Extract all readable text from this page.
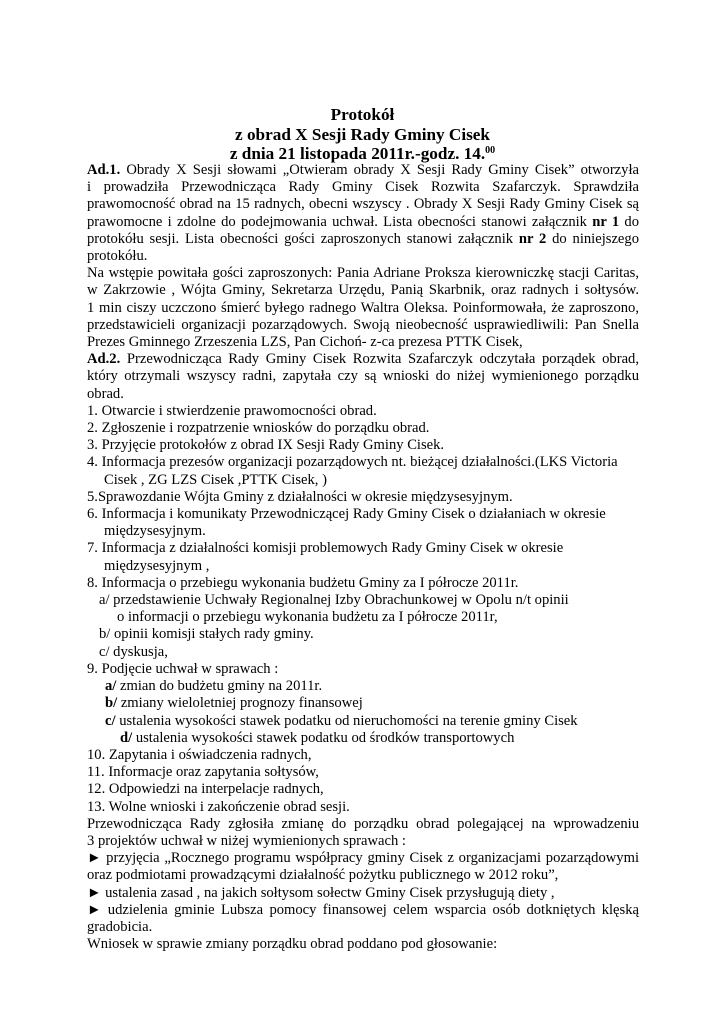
Protokół
z obrad X Sesji Rady Gminy Cisek
z dnia 21 listopada 2011r.-godz. 14.00

Ad.1. Obrady X Sesji słowami „Otwieram obrady X Sesji Rady Gminy Cisek” otworzyła

i prowadziła Przewodnicząca Rady Gminy Cisek Rozwita Szafarczyk. Sprawdziła

prawomocność obrad na 15 radnych, obecni wszyscy . Obrady X Sesji Rady Gminy Cisek są

prawomocne i zdolne do podejmowania uchwał. Lista obecności stanowi załącznik nr 1 do

protokółu sesji. Lista obecności gości zaproszonych stanowi załącznik nr 2 do niniejszego

protokółu.

Na wstępie powitała gości zaproszonych: Pania Adriane Proksza kierowniczkę stacji Caritas,

w Zakrzowie , Wójta Gminy, Sekretarza Urzędu, Panią Skarbnik, oraz radnych i sołtysów.

1 min ciszy uczczono śmierć byłego radnego Waltra Oleksa. Poinformowała, że zaproszono,

przedstawicieli organizacji pozarządowych. Swoją nieobecność usprawiedliwili: Pan Snella

Prezes Gminnego Zrzeszenia LZS, Pan Cichoń- z-ca prezesa PTTK Cisek,

Ad.2. Przewodnicząca Rady Gminy Cisek Rozwita Szafarczyk odczytała porządek obrad,

który otrzymali wszyscy radni, zapytała czy są wnioski do niżej wymienionego porządku

obrad.

1. Otwarcie i stwierdzenie prawomocności obrad.

2. Zgłoszenie i rozpatrzenie wniosków do porządku obrad.

3. Przyjęcie protokołów z obrad IX Sesji Rady Gminy Cisek.

4. Informacja prezesów organizacji pozarządowych nt. bieżącej działalności.(LKS Victoria

Cisek , ZG LZS Cisek ,PTTK Cisek, )

5.Sprawozdanie Wójta Gminy z działalności w okresie międzysesyjnym.

6. Informacja i komunikaty Przewodniczącej Rady Gminy Cisek o działaniach w okresie

międzysesyjnym.

7. Informacja z działalności komisji problemowych Rady Gminy Cisek w okresie

międzysesyjnym ,

8. Informacja o przebiegu wykonania budżetu Gminy za I półrocze 2011r.

a/ przedstawienie Uchwały Regionalnej Izby Obrachunkowej w Opolu n/t opinii

o informacji o przebiegu wykonania budżetu za I półrocze 2011r,

b/ opinii komisji stałych rady gminy.

c/ dyskusja,

9. Podjęcie uchwał w sprawach :

a/ zmian do budżetu gminy na 2011r.

b/ zmiany wieloletniej prognozy finansowej

c/ ustalenia wysokości stawek podatku od nieruchomości na terenie gminy Cisek

d/ ustalenia wysokości stawek podatku od środków transportowych

10. Zapytania i oświadczenia radnych,

11. Informacje oraz zapytania sołtysów,

12. Odpowiedzi na interpelacje radnych,

13. Wolne wnioski i zakończenie obrad sesji.

Przewodnicząca Rady zgłosiła zmianę do porządku obrad polegającej na wprowadzeniu

3 projektów uchwał w niżej wymienionych sprawach :

► przyjęcia „Rocznego programu współpracy gminy Cisek z organizacjami pozarządowymi

oraz podmiotami prowadzącymi działalność pożytku publicznego w 2012 roku”,

► ustalenia zasad , na jakich sołtysom sołectw Gminy Cisek przysługują diety ,

► udzielenia gminie Lubsza pomocy finansowej celem wsparcia osób dotkniętych klęską

gradobicia.

Wniosek w sprawie zmiany porządku obrad poddano pod głosowanie:
